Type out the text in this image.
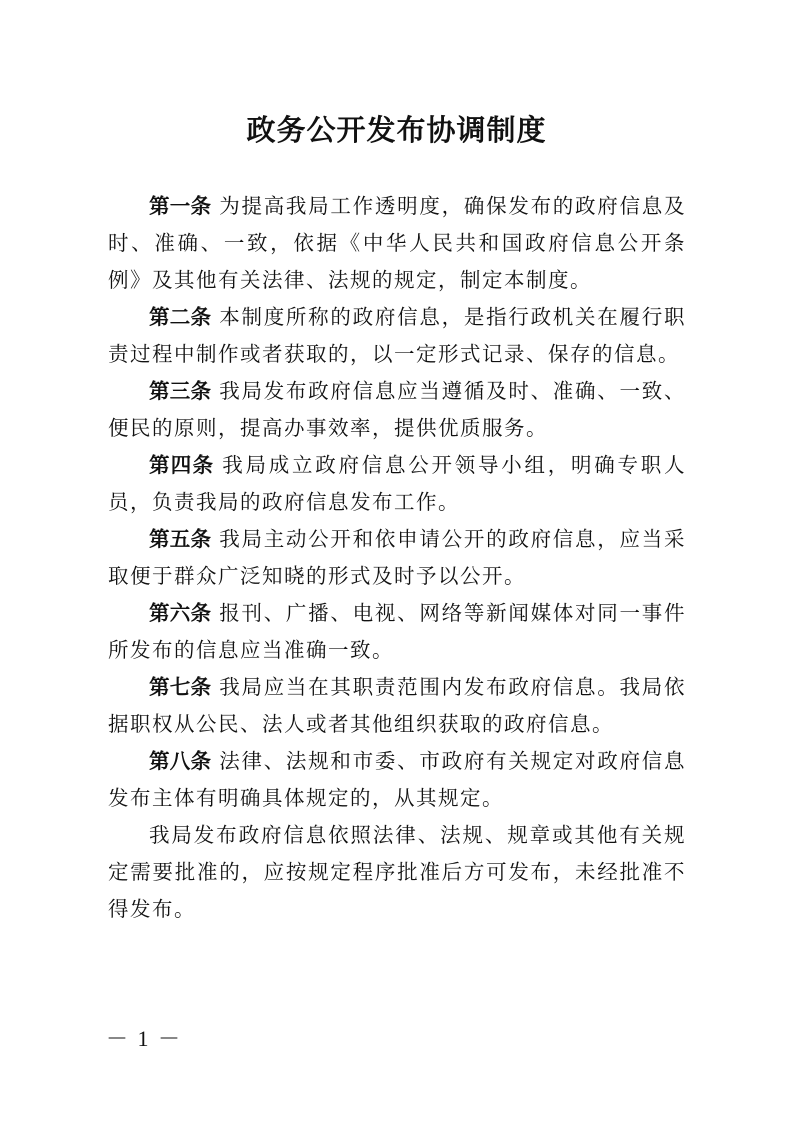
政务公开发布协调制度

第一条 为提高我局工作透明度，确保发布的政府信息及时、准确、一致，依据《中华人民共和国政府信息公开条例》及其他有关法律、法规的规定，制定本制度。

第二条 本制度所称的政府信息，是指行政机关在履行职责过程中制作或者获取的，以一定形式记录、保存的信息。

第三条 我局发布政府信息应当遵循及时、准确、一致、便民的原则，提高办事效率，提供优质服务。

第四条 我局成立政府信息公开领导小组，明确专职人员，负责我局的政府信息发布工作。

第五条 我局主动公开和依申请公开的政府信息，应当采取便于群众广泛知晓的形式及时予以公开。

第六条 报刊、广播、电视、网络等新闻媒体对同一事件所发布的信息应当准确一致。

第七条 我局应当在其职责范围内发布政府信息。我局依据职权从公民、法人或者其他组织获取的政府信息。

第八条 法律、法规和市委、市政府有关规定对政府信息发布主体有明确具体规定的，从其规定。

我局发布政府信息依照法律、法规、规章或其他有关规定需要批准的，应按规定程序批准后方可发布，未经批准不得发布。

－ 1 －
